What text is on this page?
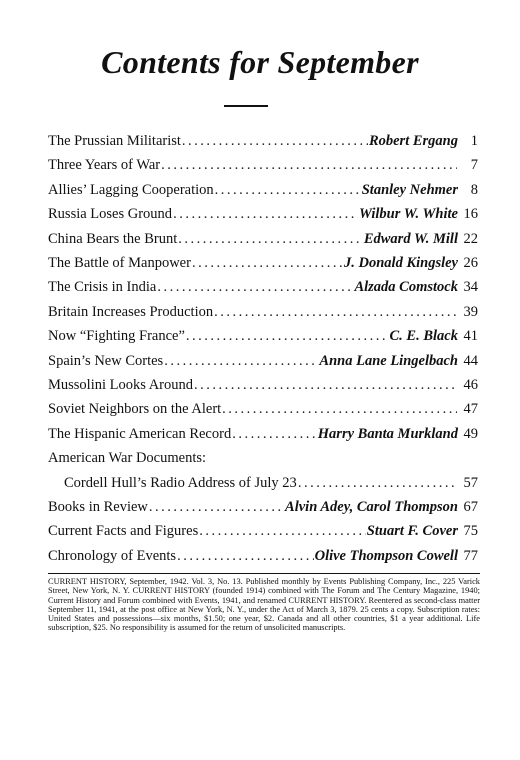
Contents for September
The Prussian Militarist .....	Robert Ergang 1
Three Years of War .....	7
Allies’ Lagging Cooperation .....	Stanley Nehmer 8
Russia Loses Ground .....	Wilbur W. White 16
China Bears the Brunt .....	Edward W. Mill 22
The Battle of Manpower .....	J. Donald Kingsley 26
The Crisis in India .....	Alzada Comstock 34
Britain Increases Production .....	39
Now “Fighting France” .....	C. E. Black 41
Spain’s New Cortes .....	Anna Lane Lingelbach 44
Mussolini Looks Around .....	46
Soviet Neighbors on the Alert .....	47
The Hispanic American Record .....	Harry Banta Murkland 49
American War Documents:
Cordell Hull’s Radio Address of July 23 .....	57
Books in Review .....	Alvin Adey, Carol Thompson 67
Current Facts and Figures .....	Stuart F. Cover 75
Chronology of Events .....	Olive Thompson Cowell 77

CURRENT HISTORY, September, 1942. Vol. 3, No. 13. Published monthly by Events Publishing Company, Inc., 225 Varick Street, New York, N. Y. CURRENT HISTORY (founded 1914) combined with The Forum and The Century Magazine, 1940; Current History and Forum combined with Events, 1941, and renamed CURRENT HISTORY. Reentered as second-class matter September 11, 1941, at the post office at New York, N. Y., under the Act of March 3, 1879. 25 cents a copy. Subscription rates: United States and possessions—six months, $1.50; one year, $2. Canada and all other countries, $1 a year additional. Life subscription, $25. No responsibility is assumed for the return of unsolicited manuscripts.
